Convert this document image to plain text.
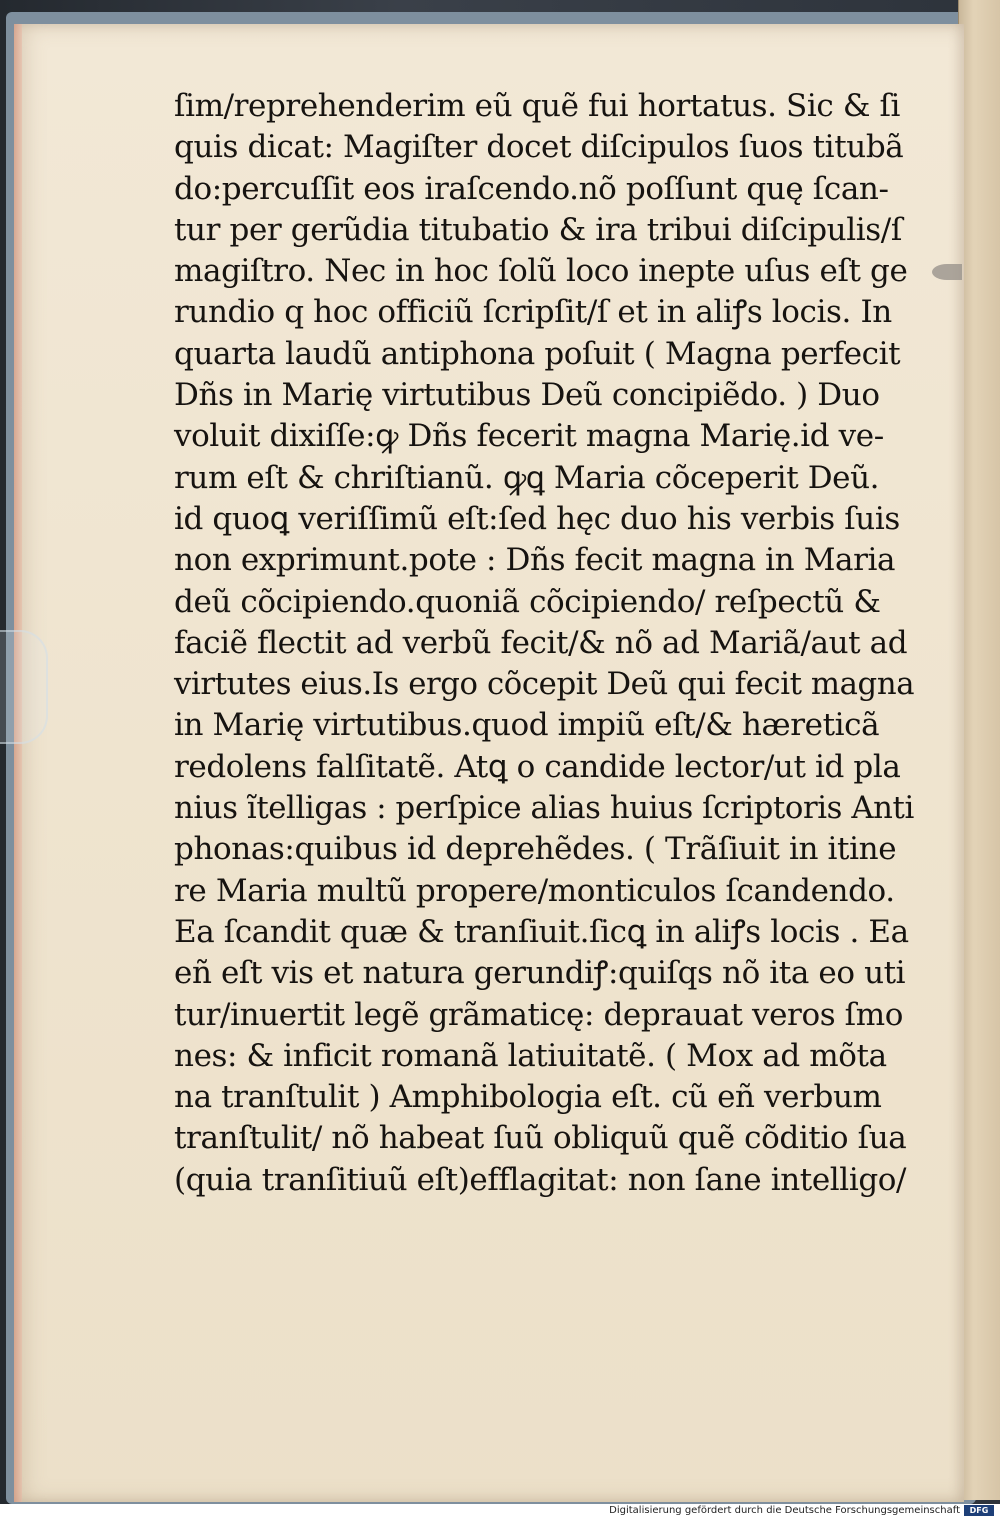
ſim/reprehenderim eũ quẽ fui hortatus. Sic & ſi
quis dicat: Magiſter docet diſcipulos ſuos titubã
do:percuſſit eos iraſcendo.nõ poſſunt quę ſcan-
tur per gerũdia titubatio & ira tribui diſcipulis/ſ
magiſtro. Nec in hoc ſolũ loco inepte uſus eſt ge
rundio q hoc officiũ ſcripſit/ſ et in aliꝭs locis. In
quarta laudũ antiphona poſuit ( Magna perfecit
Dñs in Marię virtutibus Deũ concipiẽdo. ) Duo
voluit dixiſſe:ꝙ Dñs fecerit magna Marię.id ve-
rum eſt & chriſtianũ. ꝙꝗ Maria cõceperit Deũ.
id quoꝗ veriſſimũ eſt:ſed hęc duo his verbis ſuis
non exprimunt.pote : Dñs fecit magna in Maria
deũ cõcipiendo.quoniã cõcipiendo/ reſpectũ &
faciẽ flectit ad verbũ fecit/& nõ ad Mariã/aut ad
virtutes eius.Is ergo cõcepit Deũ qui fecit magna
in Marię virtutibus.quod impiũ eſt/& hæreticã
redolens falſitatẽ. Atꝗ o candide lector/ut id pla
nius ĩtelligas : perſpice alias huius ſcriptoris Anti
phonas:quibus id deprehẽdes. ( Trãſiuit in itine
re Maria multũ propere/monticulos ſcandendo.
Ea ſcandit quæ & tranſiuit.ſicꝗ in aliꝭs locis . Ea
eñ eſt vis et natura gerundiꝭ:quiſqs nõ ita eo uti
tur/inuertit legẽ grãmaticę: deprauat veros ſmo
nes: & inficit romanã latiuitatẽ. ( Mox ad mõta
na tranſtulit ) Amphibologia eſt. cũ eñ verbum
tranſtulit/ nõ habeat ſuũ obliquũ quẽ cõditio ſua
(quia tranſitiuũ eſt)efflagitat: non ſane intelligo/
Digitalisierung gefördert durch die Deutsche Forschungsgemeinschaft	DFG
